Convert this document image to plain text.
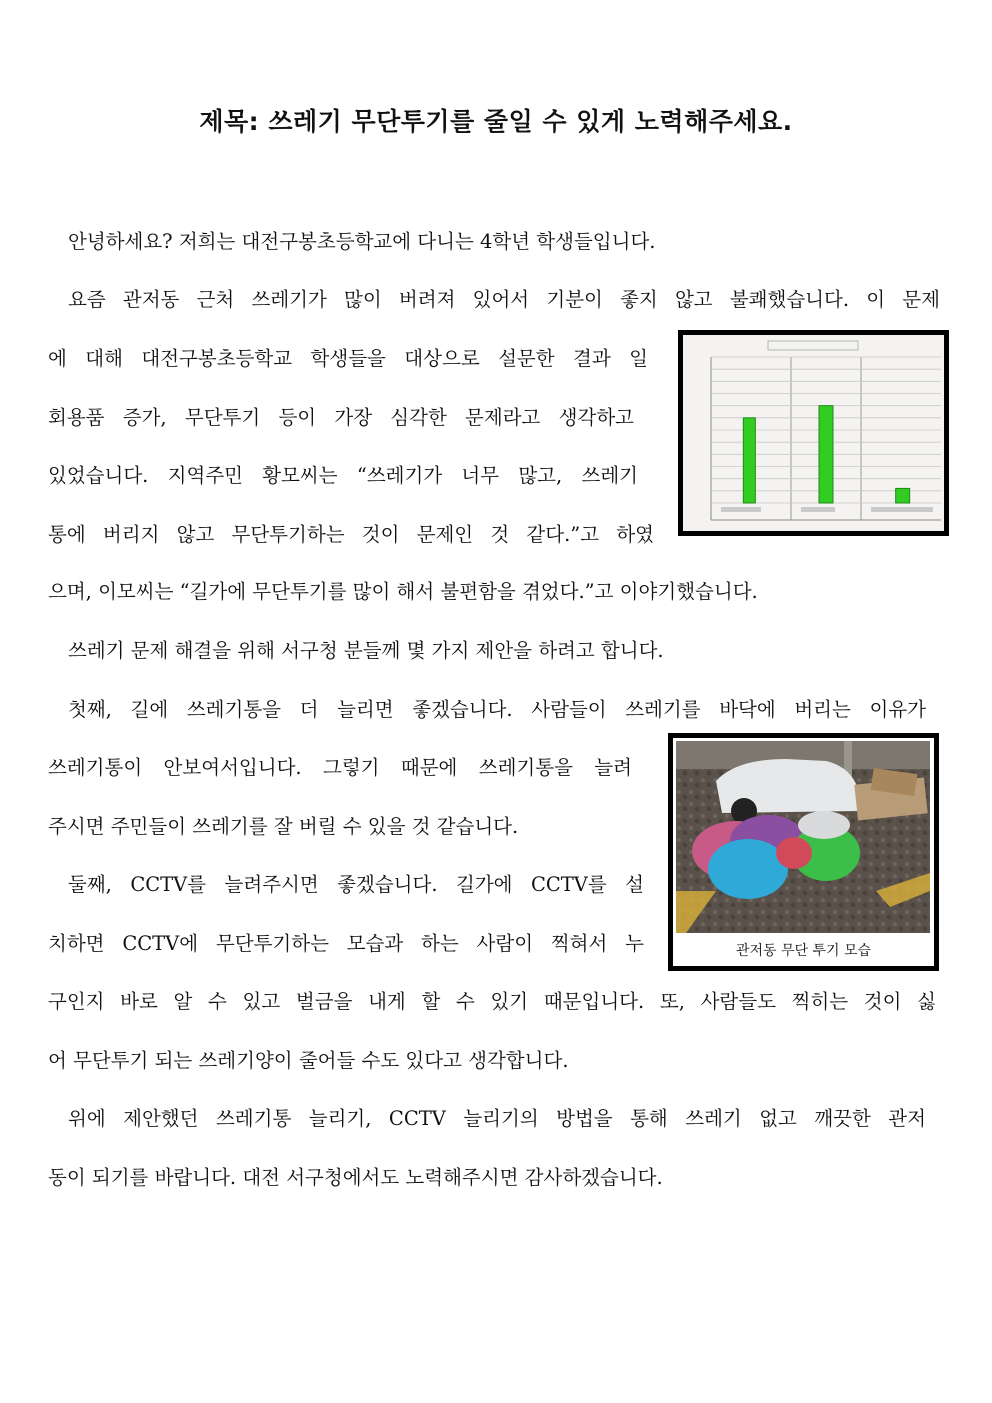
제목: 쓰레기 무단투기를 줄일 수 있게 노력해주세요.
안녕하세요? 저희는 대전구봉초등학교에 다니는 4학년 학생들입니다.
요즘 관저동 근처 쓰레기가 많이 버려져 있어서 기분이 좋지 않고 불쾌했습니다. 이 문제
에 대해 대전구봉초등학교 학생들을 대상으로 설문한 결과 일
회용품 증가, 무단투기 등이 가장 심각한 문제라고 생각하고
있었습니다. 지역주민 황모씨는 “쓰레기가 너무 많고, 쓰레기
통에 버리지 않고 무단투기하는 것이 문제인 것 같다.”고 하였
으며, 이모씨는 “길가에 무단투기를 많이 해서 불편함을 겪었다.”고 이야기했습니다.
쓰레기 문제 해결을 위해 서구청 분들께 몇 가지 제안을 하려고 합니다.
첫째, 길에 쓰레기통을 더 늘리면 좋겠습니다. 사람들이 쓰레기를 바닥에 버리는 이유가
쓰레기통이 안보여서입니다. 그렇기 때문에 쓰레기통을 늘려
주시면 주민들이 쓰레기를 잘 버릴 수 있을 것 같습니다.
둘째, CCTV를 늘려주시면 좋겠습니다. 길가에 CCTV를 설
치하면 CCTV에 무단투기하는 모습과 하는 사람이 찍혀서 누
구인지 바로 알 수 있고 벌금을 내게 할 수 있기 때문입니다. 또, 사람들도 찍히는 것이 싫
어 무단투기 되는 쓰레기양이 줄어들 수도 있다고 생각합니다.
위에 제안했던 쓰레기통 늘리기, CCTV 늘리기의 방법을 통해 쓰레기 없고 깨끗한 관저
동이 되기를 바랍니다. 대전 서구청에서도 노력해주시면 감사하겠습니다.
관저동 무단 투기 모습
